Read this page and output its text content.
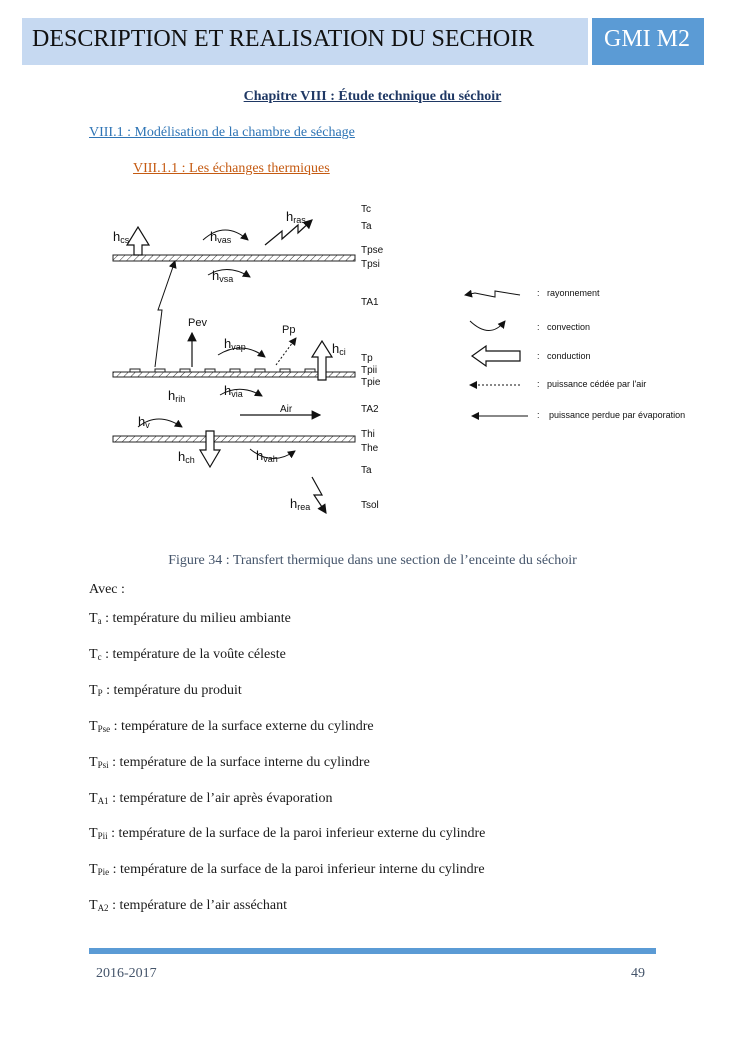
DESCRIPTION ET REALISATION DU SECHOIR	GMI M2
Chapitre VIII : Étude technique du séchoir
VIII.1 : Modélisation de la chambre de séchage
VIII.1.1 : Les échanges thermiques
hcs	hvas
hras
hvsa
hrih
Pev
hvap
Pp
hci
hvia
Air
hv
hch	hvah
hrea
Tc
Ta
Tpse
Tpsi
TA1
Tp
Tpii
Tpie
TA2
Thi
The
Ta
Tsol
: rayonnement
: convection
: conduction
: puissance cédée par l'air
: puissance perdue par évaporation
Figure 34 : Transfert thermique dans une section de l’enceinte du séchoir
Avec :
$T_a$ : température du milieu ambiante
$T_c$ : température de la voûte céleste
$T_P$ : température du produit
$T_{Pse}$ : température de la surface externe du cylindre
$T_{Psi}$ : température de la surface interne du cylindre
$T_{A1}$ : température de l’air après évaporation
$T_{Pii}$ : température de la surface de la paroi inferieur externe du cylindre
$T_{Pie}$ : température de la surface de la paroi inferieur interne du cylindre
$T_{A2}$ : température de l’air asséchant
2016-2017	49
